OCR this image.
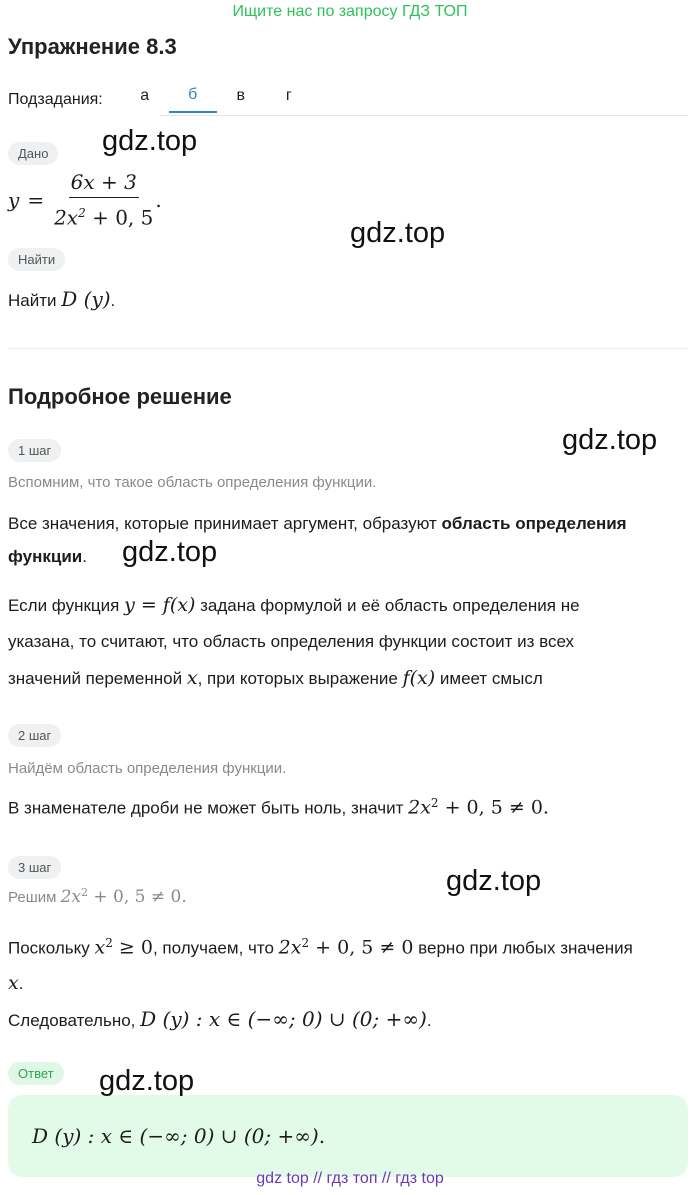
Ищите нас по запросу ГДЗ ТОП
Упражнение 8.3
Подзадания:	а	б	в	г
Дано
$y = \frac{6x + 3}{2x^2 + 0, 5}$ .
Найти
Найти D (y).
Подробное решение
1 шаг
Вспомним, что такое область определения функции.
Все значения, которые принимает аргумент, образуют область определения
функции.
Если функция y = f(x) задана формулой и её область определения не
указана, то считают, что область определения функции состоит из всех
значений переменной x, при которых выражение f(x) имеет смысл
2 шаг
Найдём область определения функции.
В знаменателе дроби не может быть ноль, значит $2x^2 + 0$, 5 ≠ 0.
3 шаг
Решим $2x^2 + 0$, 5 ≠ 0.
Поскольку $x^2 \ge 0$, получаем, что $2x^2 + 0$, 5 ≠ 0 верно при любых значения
x.
Следовательно, D (y) : x ∈ (−∞; 0) ∪ (0; +∞).
Ответ
D (y) : x ∈ (−∞; 0) ∪ (0; +∞).
gdz.top
gdz.top
gdz.top
gdz.top
gdz.top
gdz.top
gdz top // гдз топ // гдз top
